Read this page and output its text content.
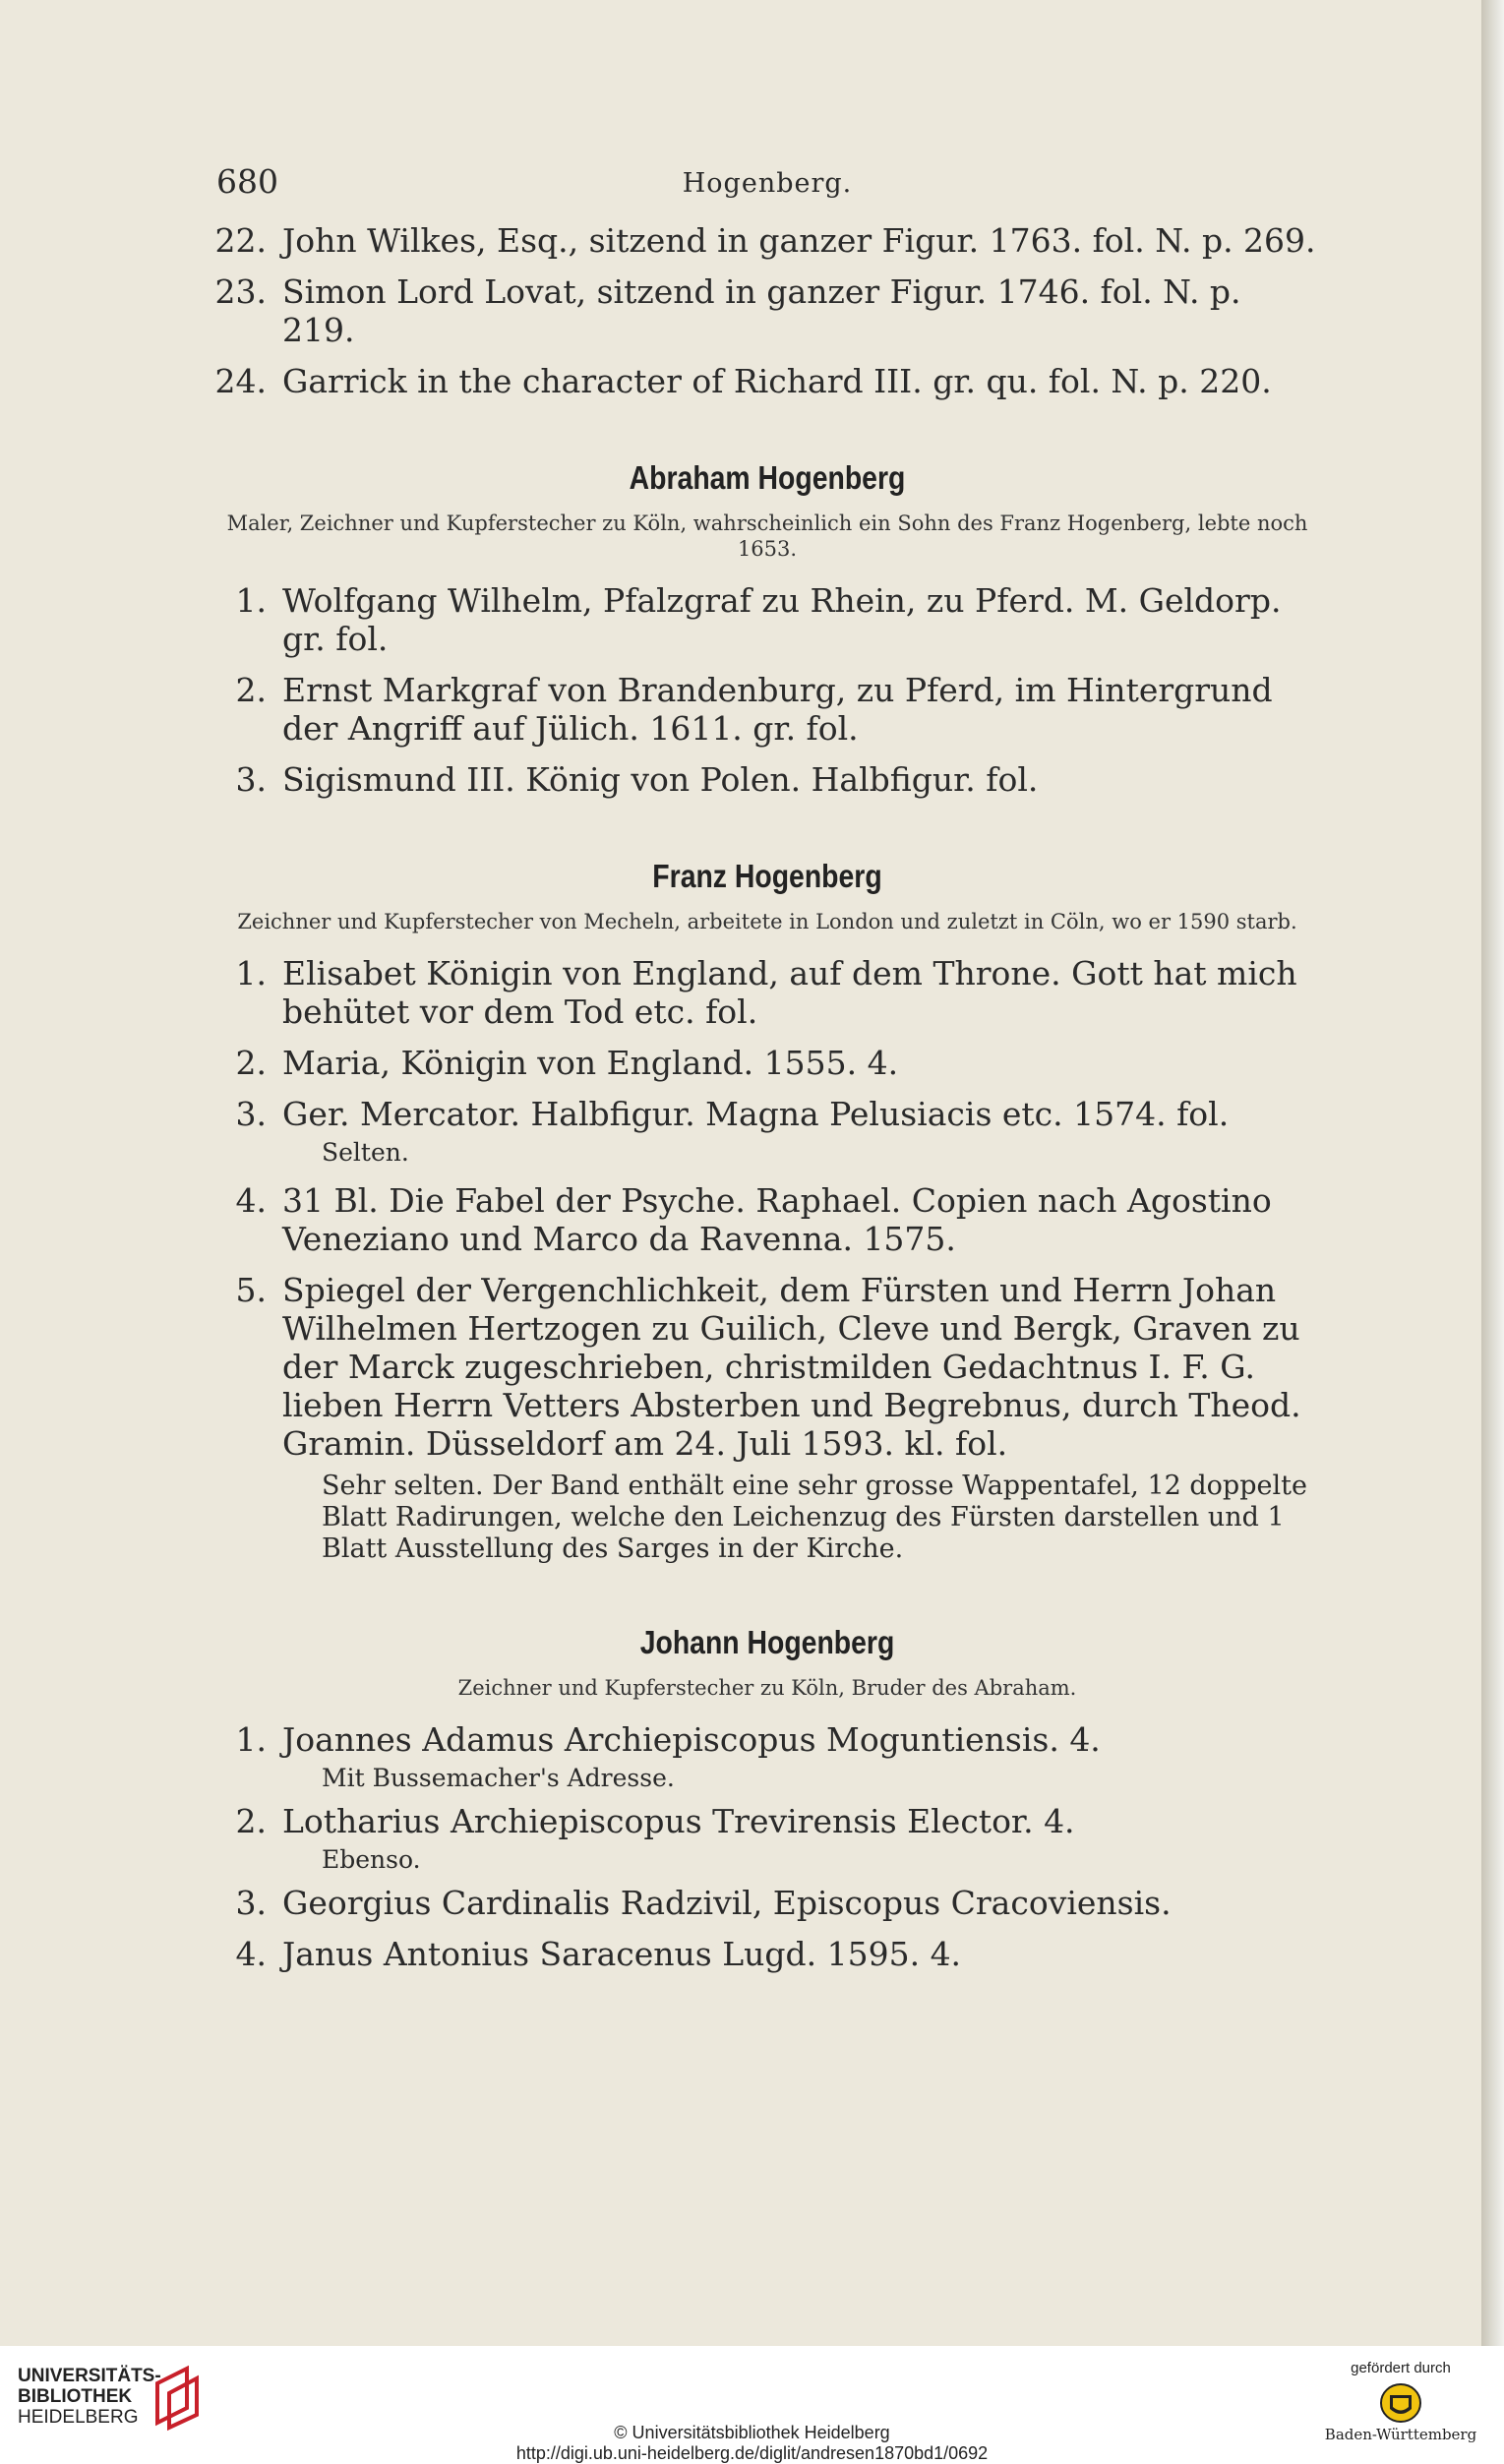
680	Hogenberg.
22. John Wilkes, Esq., sitzend in ganzer Figur. 1763. fol. N. p. 269.
23. Simon Lord Lovat, sitzend in ganzer Figur. 1746. fol. N. p. 219.
24. Garrick in the character of Richard III. gr. qu. fol. N. p. 220.
Abraham Hogenberg
Maler, Zeichner und Kupferstecher zu Köln, wahrscheinlich ein Sohn des Franz Hogenberg, lebte noch 1653.
1. Wolfgang Wilhelm, Pfalzgraf zu Rhein, zu Pferd. M. Geldorp. gr. fol.
2. Ernst Markgraf von Brandenburg, zu Pferd, im Hintergrund der Angriff auf Jülich. 1611. gr. fol.
3. Sigismund III. König von Polen. Halbfigur. fol.
Franz Hogenberg
Zeichner und Kupferstecher von Mecheln, arbeitete in London und zuletzt in Cöln, wo er 1590 starb.
1. Elisabet Königin von England, auf dem Throne. Gott hat mich behütet vor dem Tod etc. fol.
2. Maria, Königin von England. 1555. 4.
3. Ger. Mercator. Halbfigur. Magna Pelusiacis etc. 1574. fol.
Selten.
4. 31 Bl. Die Fabel der Psyche. Raphael. Copien nach Agostino Veneziano und Marco da Ravenna. 1575.
5. Spiegel der Vergenchlichkeit, dem Fürsten und Herrn Johan Wilhelmen Hertzogen zu Guilich, Cleve und Bergk, Graven zu der Marck zugeschrieben, christmilden Gedachtnus I. F. G. lieben Herrn Vetters Absterben und Begrebnus, durch Theod. Gramin. Düsseldorf am 24. Juli 1593. kl. fol.
Sehr selten. Der Band enthält eine sehr grosse Wappentafel, 12 doppelte Blatt Radirungen, welche den Leichenzug des Fürsten darstellen und 1 Blatt Ausstellung des Sarges in der Kirche.
Johann Hogenberg
Zeichner und Kupferstecher zu Köln, Bruder des Abraham.
1. Joannes Adamus Archiepiscopus Moguntiensis. 4.
Mit Bussemacher's Adresse.
2. Lotharius Archiepiscopus Trevirensis Elector. 4.
Ebenso.
3. Georgius Cardinalis Radzivil, Episcopus Cracoviensis.
4. Janus Antonius Saracenus Lugd. 1595. 4.
UNIVERSITÄTS-
BIBLIOTHEK
HEIDELBERG
© Universitätsbibliothek Heidelberg
http://digi.ub.uni-heidelberg.de/diglit/andresen1870bd1/0692
gefördert durch
Baden-Württemberg
